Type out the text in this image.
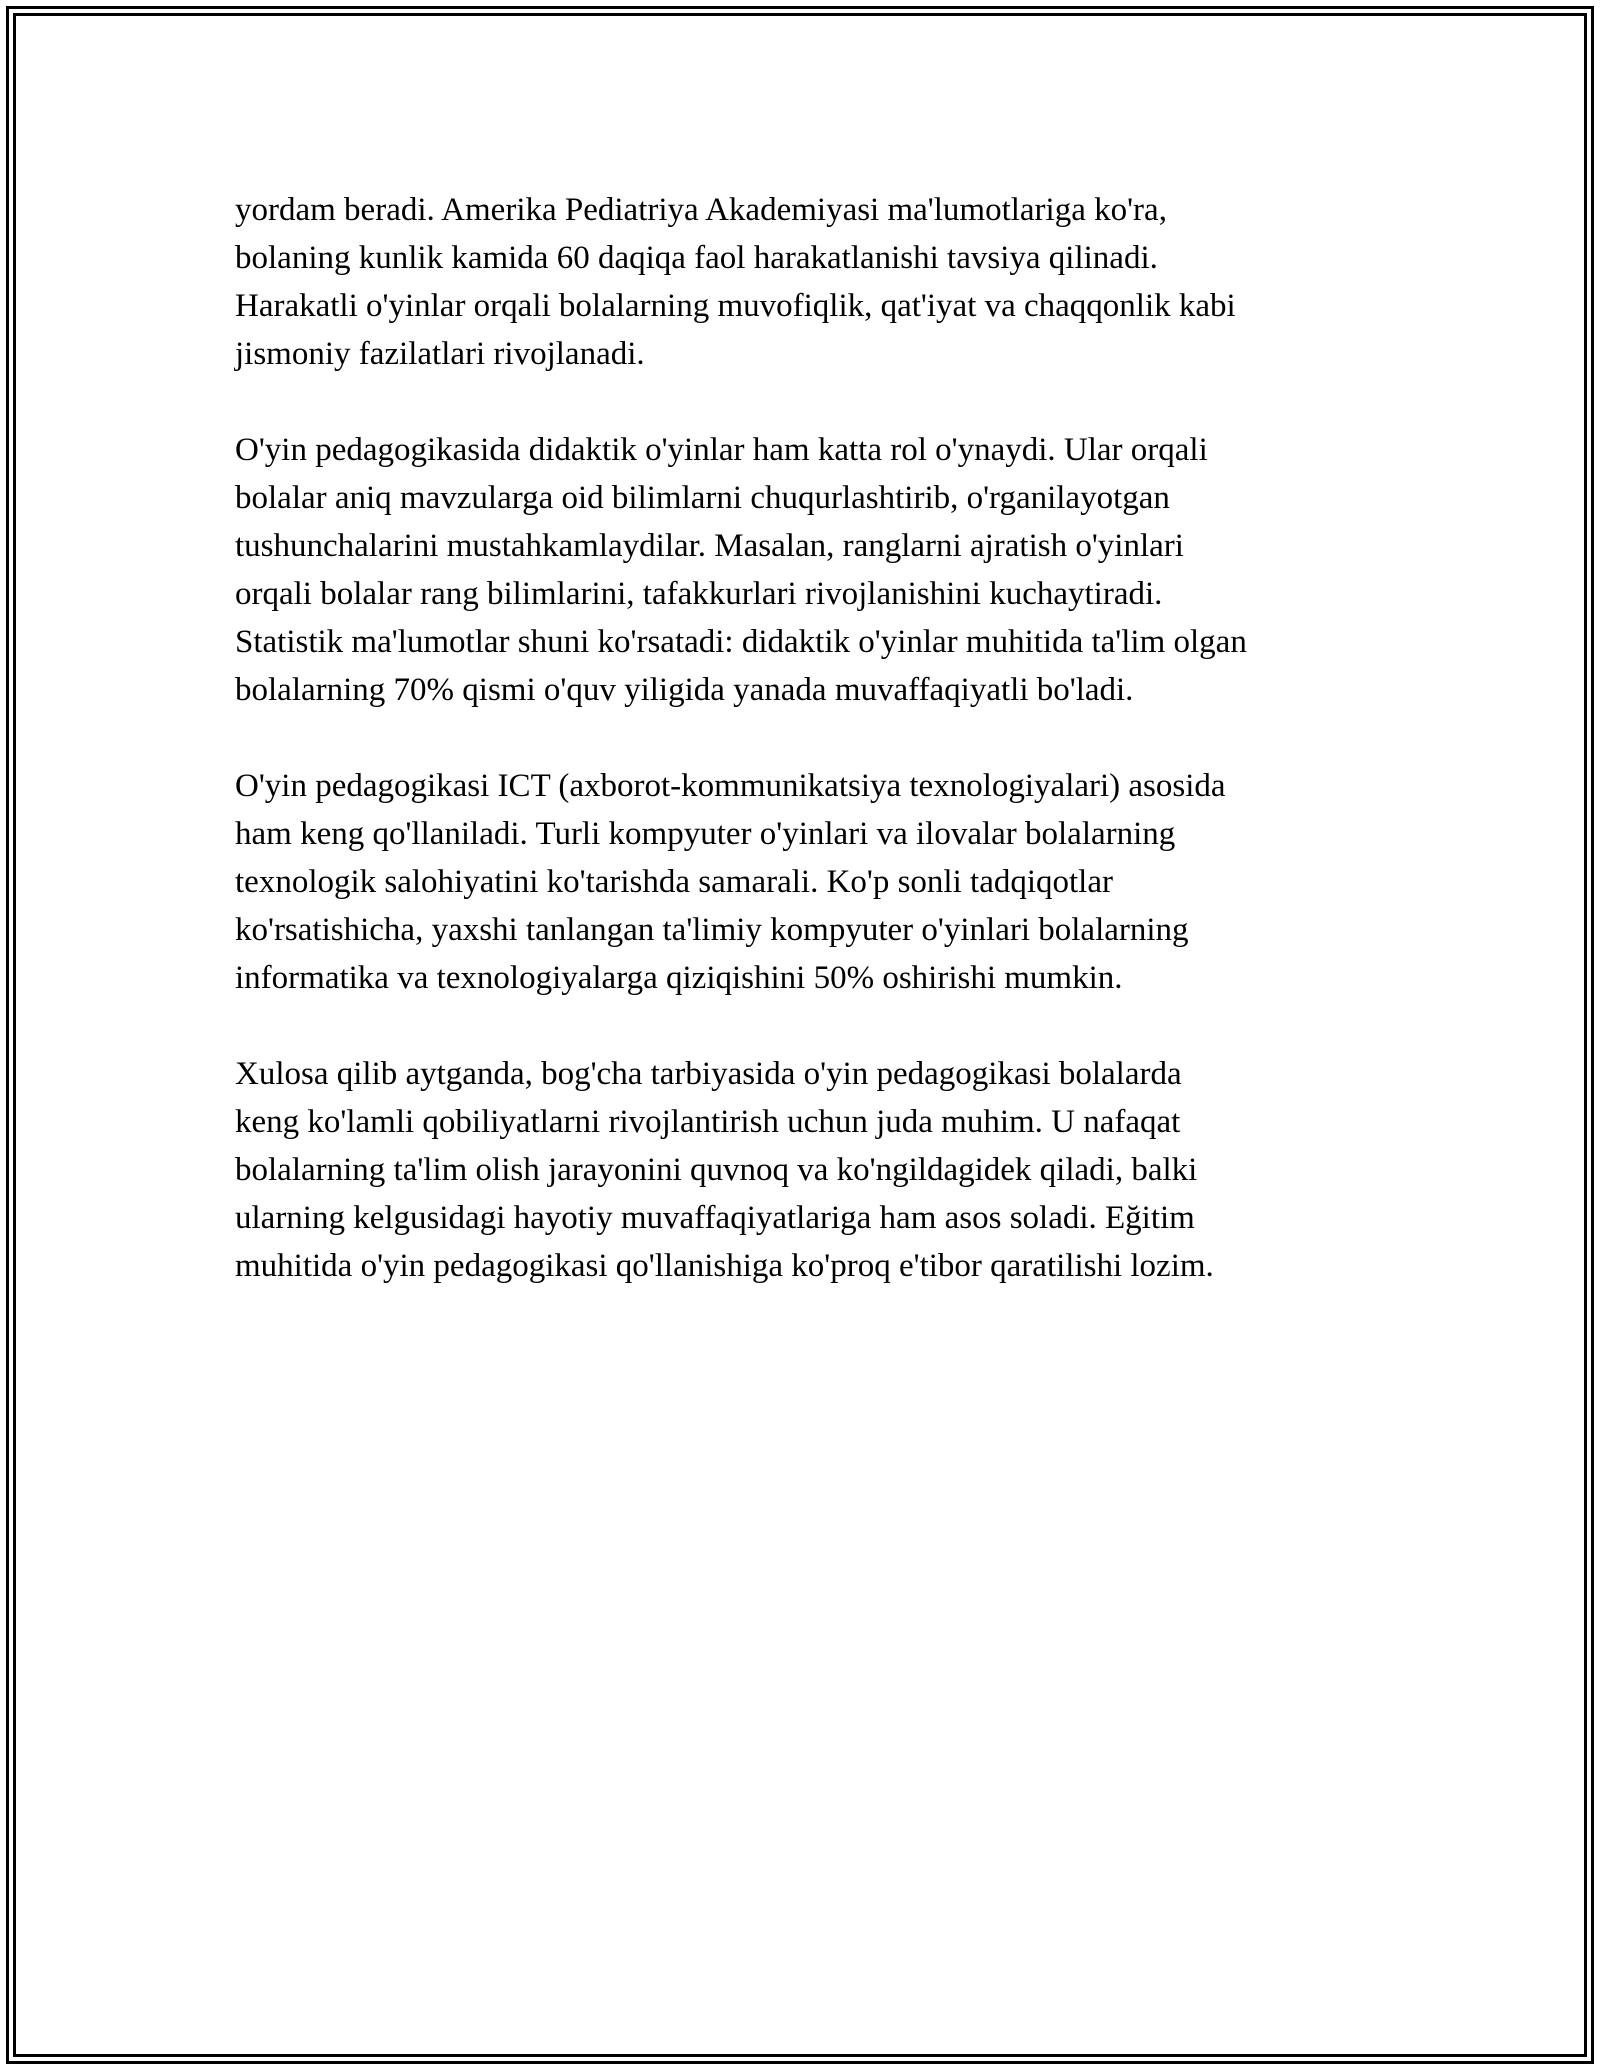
yordam beradi. Amerika Pediatriya Akademiyasi ma'lumotlariga ko'ra,
bolaning kunlik kamida 60 daqiqa faol harakatlanishi tavsiya qilinadi.
Harakatli o'yinlar orqali bolalarning muvofiqlik, qat'iyat va chaqqonlik kabi
jismoniy fazilatlari rivojlanadi.

O'yin pedagogikasida didaktik o'yinlar ham katta rol o'ynaydi. Ular orqali
bolalar aniq mavzularga oid bilimlarni chuqurlashtirib, o'rganilayotgan
tushunchalarini mustahkamlaydilar. Masalan, ranglarni ajratish o'yinlari
orqali bolalar rang bilimlarini, tafakkurlari rivojlanishini kuchaytiradi.
Statistik ma'lumotlar shuni ko'rsatadi: didaktik o'yinlar muhitida ta'lim olgan
bolalarning 70% qismi o'quv yiligida yanada muvaffaqiyatli bo'ladi.

O'yin pedagogikasi ICT (axborot-kommunikatsiya texnologiyalari) asosida
ham keng qo'llaniladi. Turli kompyuter o'yinlari va ilovalar bolalarning
texnologik salohiyatini ko'tarishda samarali. Ko'p sonli tadqiqotlar
ko'rsatishicha, yaxshi tanlangan ta'limiy kompyuter o'yinlari bolalarning
informatika va texnologiyalarga qiziqishini 50% oshirishi mumkin.

Xulosa qilib aytganda, bog'cha tarbiyasida o'yin pedagogikasi bolalarda
keng ko'lamli qobiliyatlarni rivojlantirish uchun juda muhim. U nafaqat
bolalarning ta'lim olish jarayonini quvnoq va ko'ngildagidek qiladi, balki
ularning kelgusidagi hayotiy muvaffaqiyatlariga ham asos soladi. Eğitim
muhitida o'yin pedagogikasi qo'llanishiga ko'proq e'tibor qaratilishi lozim.
